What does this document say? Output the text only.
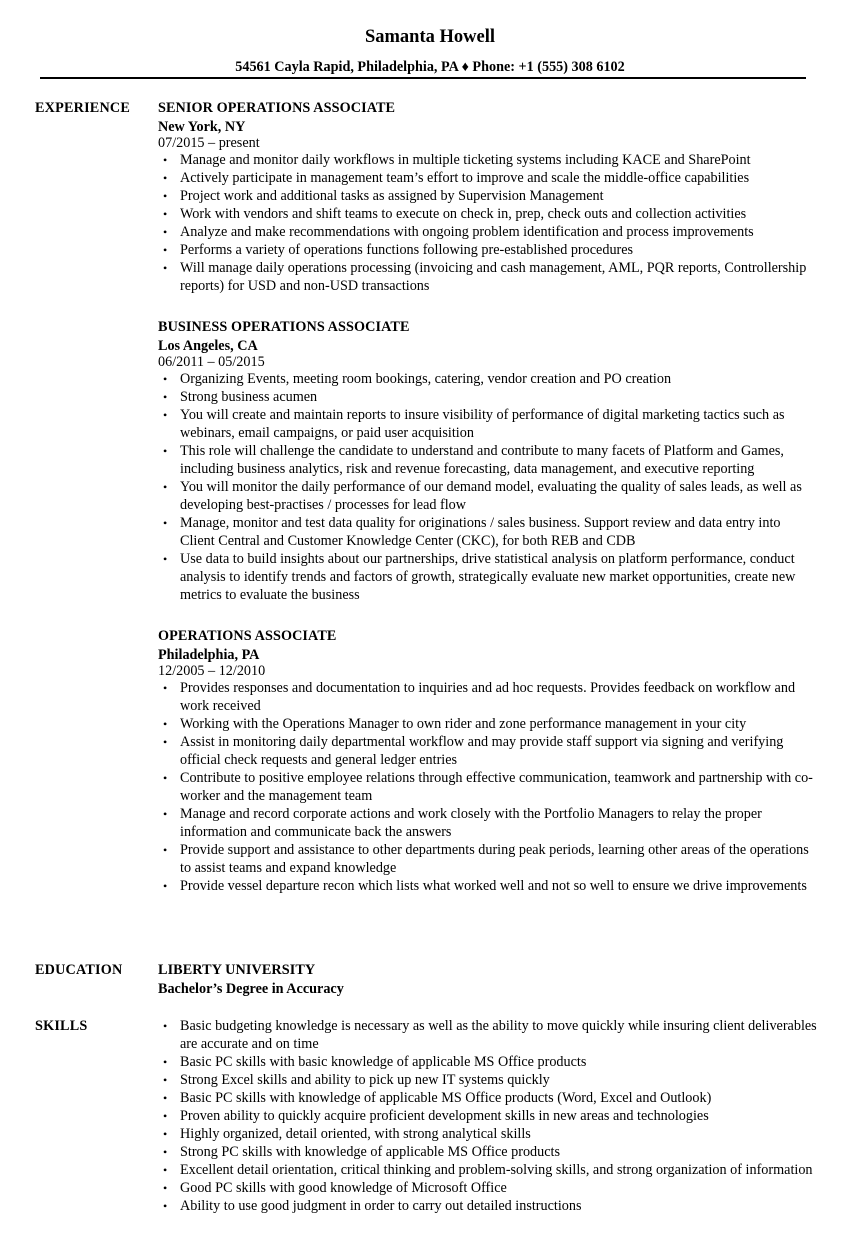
Samanta Howell
54561 Cayla Rapid, Philadelphia, PA ♦ Phone: +1 (555) 308 6102
EXPERIENCE SENIOR OPERATIONS ASSOCIATE
New York, NY
07/2015 – present
• Manage and monitor daily workflows in multiple ticketing systems including KACE and SharePoint
• Actively participate in management team’s effort to improve and scale the middle-office capabilities
• Project work and additional tasks as assigned by Supervision Management
• Work with vendors and shift teams to execute on check in, prep, check outs and collection activities
• Analyze and make recommendations with ongoing problem identification and process improvements
• Performs a variety of operations functions following pre-established procedures
• Will manage daily operations processing (invoicing and cash management, AML, PQR reports, Controllership reports) for USD and non-USD transactions
BUSINESS OPERATIONS ASSOCIATE
Los Angeles, CA
06/2011 – 05/2015
• Organizing Events, meeting room bookings, catering, vendor creation and PO creation
• Strong business acumen
• You will create and maintain reports to insure visibility of performance of digital marketing tactics such as webinars, email campaigns, or paid user acquisition
• This role will challenge the candidate to understand and contribute to many facets of Platform and Games, including business analytics, risk and revenue forecasting, data management, and executive reporting
• You will monitor the daily performance of our demand model, evaluating the quality of sales leads, as well as developing best-practises / processes for lead flow
• Manage, monitor and test data quality for originations / sales business. Support review and data entry into Client Central and Customer Knowledge Center (CKC), for both REB and CDB
• Use data to build insights about our partnerships, drive statistical analysis on platform performance, conduct analysis to identify trends and factors of growth, strategically evaluate new market opportunities, create new metrics to evaluate the business
OPERATIONS ASSOCIATE
Philadelphia, PA
12/2005 – 12/2010
• Provides responses and documentation to inquiries and ad hoc requests. Provides feedback on workflow and work received
• Working with the Operations Manager to own rider and zone performance management in your city
• Assist in monitoring daily departmental workflow and may provide staff support via signing and verifying official check requests and general ledger entries
• Contribute to positive employee relations through effective communication, teamwork and partnership with co-worker and the management team
• Manage and record corporate actions and work closely with the Portfolio Managers to relay the proper information and communicate back the answers
• Provide support and assistance to other departments during peak periods, learning other areas of the operations to assist teams and expand knowledge
• Provide vessel departure recon which lists what worked well and not so well to ensure we drive improvements
EDUCATION	LIBERTY UNIVERSITY
Bachelor’s Degree in Accuracy
SKILLS	• Basic budgeting knowledge is necessary as well as the ability to move quickly while insuring client deliverables are accurate and on time
• Basic PC skills with basic knowledge of applicable MS Office products
• Strong Excel skills and ability to pick up new IT systems quickly
• Basic PC skills with knowledge of applicable MS Office products (Word, Excel and Outlook)
• Proven ability to quickly acquire proficient development skills in new areas and technologies
• Highly organized, detail oriented, with strong analytical skills
• Strong PC skills with knowledge of applicable MS Office products
• Excellent detail orientation, critical thinking and problem-solving skills, and strong organization of information
• Good PC skills with good knowledge of Microsoft Office
• Ability to use good judgment in order to carry out detailed instructions
